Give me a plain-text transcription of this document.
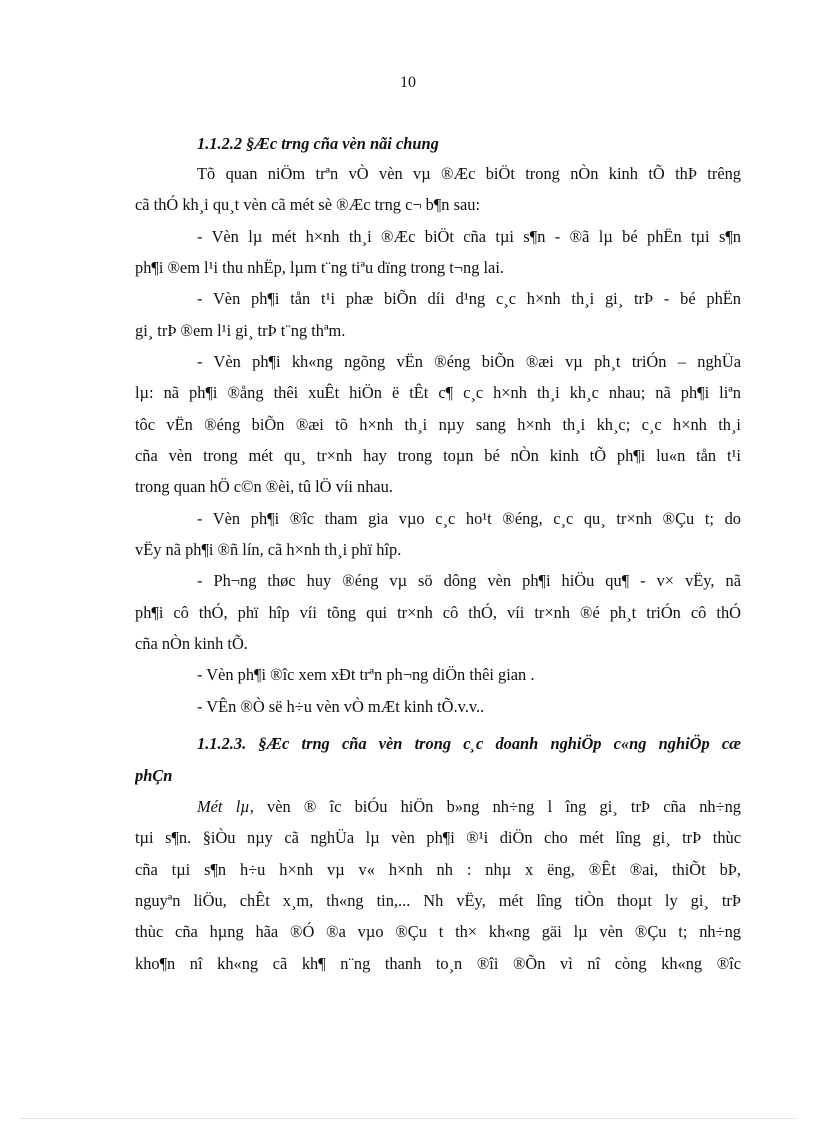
10
1.1.2.2 §Æc trng cña vèn nãi chung
Tõ quan niÖm trªn vÒ vèn vµ ®Æc biÖt trong nÒn kinh tÕ thÞ trêng
cã thÓ kh¸i qu¸t vèn cã mét sè ®Æc trng c¬ b¶n sau:
- Vèn lµ mét h×nh th¸i ®Æc biÖt cña tµi s¶n - ®ã lµ bé phËn tµi s¶n
ph¶i ®em l¹i thu nhËp, lµm t¨ng tiªu dïng trong t¬ng lai.
- Vèn ph¶i tån t¹i phæ biÕn díi d¹ng c¸c h×nh th¸i gi¸ trÞ - bé phËn
gi¸ trÞ ®em l¹i gi¸ trÞ t¨ng thªm.
- Vèn ph¶i kh«ng ngõng vËn ®éng biÕn ®æi vµ ph¸t triÓn – nghÜa
lµ: nã ph¶i ®ång thêi xuÊt hiÖn ë tÊt c¶ c¸c h×nh th¸i kh¸c nhau; nã ph¶i liªn
tôc vËn ®éng biÕn ®æi tõ h×nh th¸i nµy sang h×nh th¸i kh¸c; c¸c h×nh th¸i
cña vèn trong mét qu¸ tr×nh hay trong toµn bé nÒn kinh tÕ ph¶i lu«n tån t¹i
trong quan hÖ c©n ®èi, tû lÖ víi nhau.
- Vèn ph¶i ®îc tham gia vµo c¸c ho¹t ®éng, c¸c qu¸ tr×nh ®Çu t; do
vËy nã ph¶i ®ñ lín, cã h×nh th¸i phï hîp.
- Ph¬ng thøc huy ®éng vµ sö dông vèn ph¶i hiÖu qu¶ - v× vËy, nã
ph¶i cô thÓ, phï hîp víi tõng qui tr×nh cô thÓ, víi tr×nh ®é ph¸t triÓn cô thÓ
cña nÒn kinh tÕ.
- Vèn ph¶i ®îc xem xÐt trªn ph¬ng diÖn thêi gian .
- VÊn ®Ò së h÷u vèn vÒ mÆt kinh tÕ.v.v..
1.1.2.3. §Æc trng cña vèn trong c¸c doanh nghiÖp c«ng nghiÖp cæ
phÇn
Mét lµ, vèn ® îc biÓu hiÖn b»ng nh÷ng l îng gi¸ trÞ cña nh÷ng
tµi s¶n. §iÒu nµy cã nghÜa lµ vèn ph¶i ®¹i diÖn cho mét lîng gi¸ trÞ thùc
cña tµi s¶n h÷u h×nh vµ v« h×nh nh : nhµ x ëng, ®Êt ®ai, thiÕt bÞ,
nguyªn liÖu, chÊt x¸m, th«ng tin,... Nh vËy, mét lîng tiÒn thoµt ly gi¸ trÞ
thùc cña hµng hãa ®Ó ®a vµo ®Çu t th× kh«ng gäi lµ vèn ®Çu t; nh÷ng
kho¶n nî kh«ng cã kh¶ n¨ng thanh to¸n ®îi ®Õn vì nî còng kh«ng ®îc
